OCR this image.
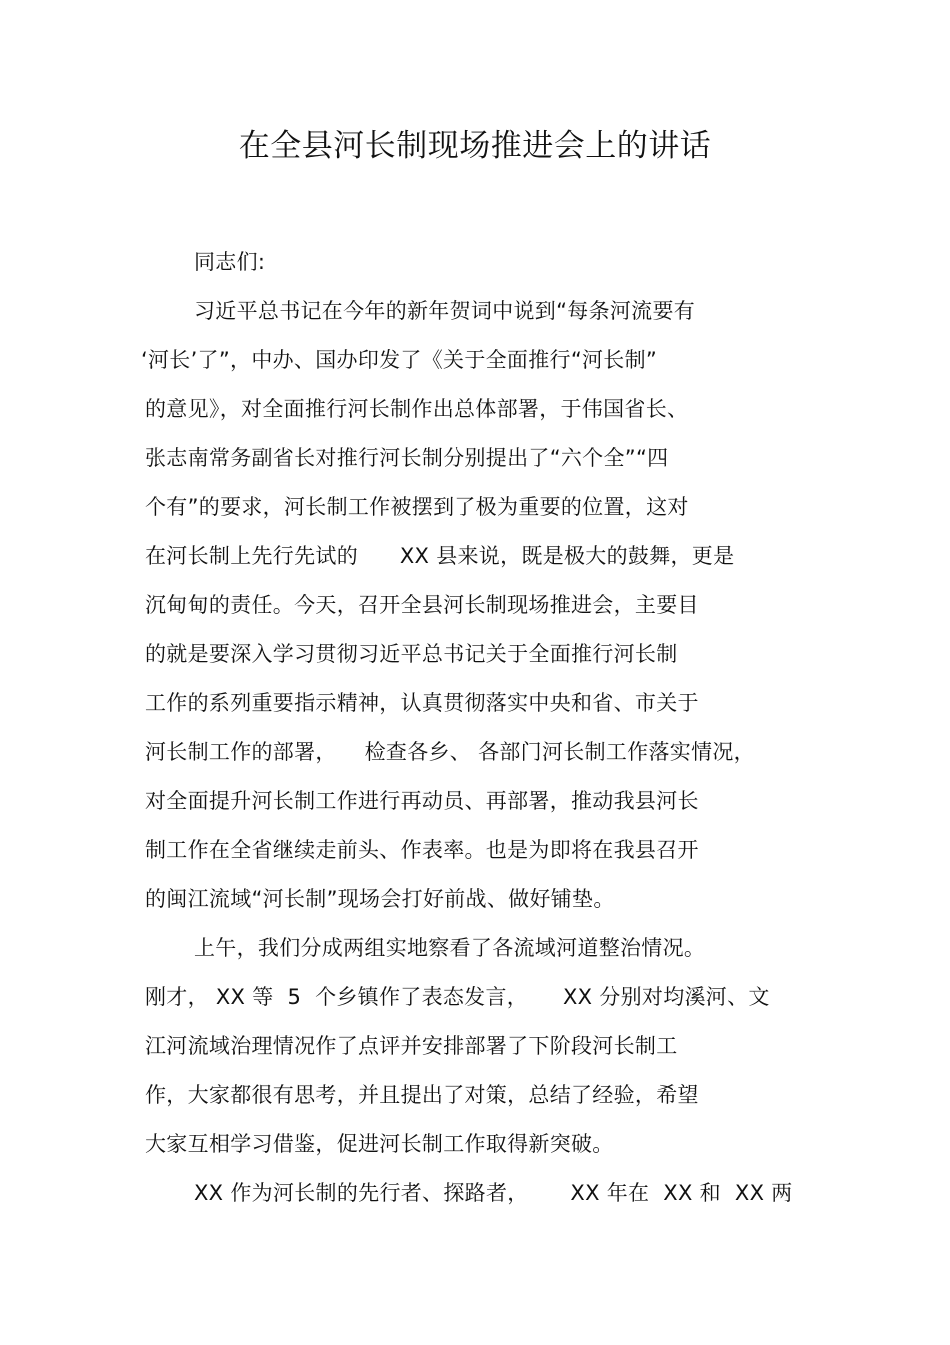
在全县河长制现场推进会上的讲话
同志们:
习近平总书记在今年的新年贺词中说到“每条河流要有
‘河长’了”，中办、国办印发了《关于全面推行“河长制”
的意见》，对全面推行河长制作出总体部署，于伟国省长、
张志南常务副省长对推行河长制分别提出了“六个全”“四
个有”的要求，河长制工作被摆到了极为重要的位置，这对
在河长制上先行先试的      XX 县来说，既是极大的鼓舞，更是
沉甸甸的责任。今天，召开全县河长制现场推进会，主要目
的就是要深入学习贯彻习近平总书记关于全面推行河长制
工作的系列重要指示精神，认真贯彻落实中央和省、市关于
河长制工作的部署，    检查各乡、 各部门河长制工作落实情况，
对全面提升河长制工作进行再动员、再部署，推动我县河长
制工作在全省继续走前头、作表率。也是为即将在我县召开
的闽江流域“河长制”现场会打好前战、做好铺垫。
上午，我们分成两组实地察看了各流域河道整治情况。
刚才， XX 等  5  个乡镇作了表态发言，     XX 分别对均溪河、文
江河流域治理情况作了点评并安排部署了下阶段河长制工
作，大家都很有思考，并且提出了对策，总结了经验，希望
大家互相学习借鉴，促进河长制工作取得新突破。
XX 作为河长制的先行者、探路者，      XX 年在  XX 和  XX 两
